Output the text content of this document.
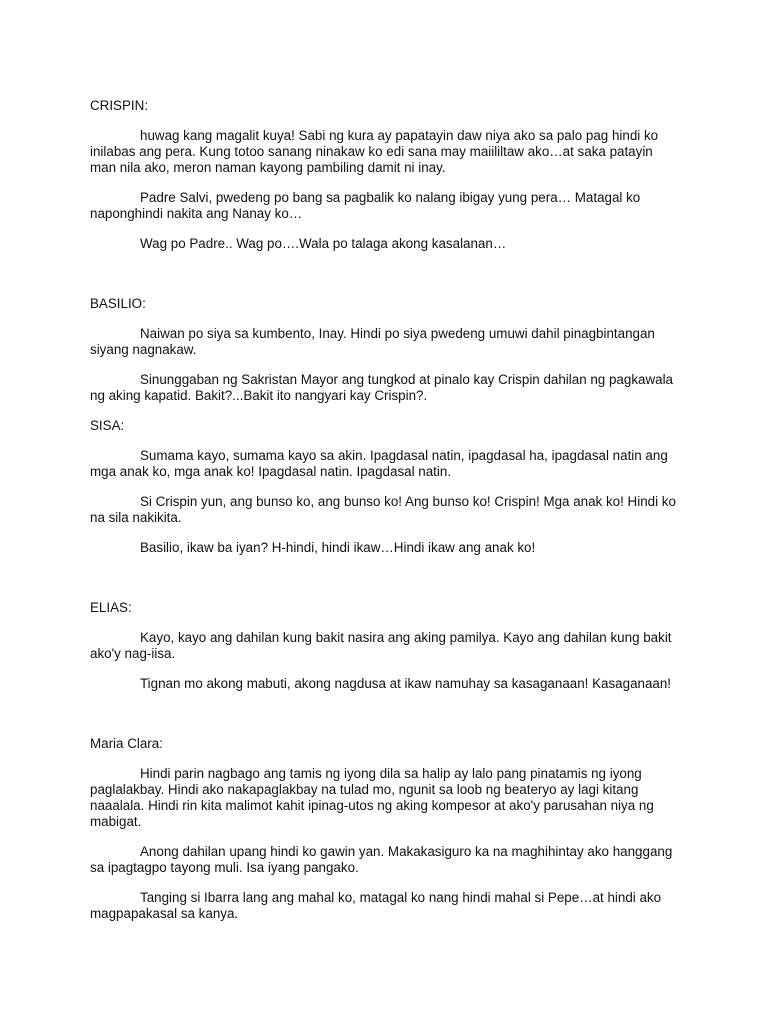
CRISPIN:

huwag kang magalit kuya! Sabi ng kura ay papatayin daw niya ako sa palo pag hindi ko inilabas ang pera. Kung totoo sanang ninakaw ko edi sana may maiililtaw ako…at saka patayin man nila ako, meron naman kayong pambiling damit ni inay.

Padre Salvi, pwedeng po bang sa pagbalik ko nalang ibigay yung pera… Matagal ko naponghindi nakita ang Nanay ko…

Wag po Padre.. Wag po….Wala po talaga akong kasalanan…

BASILIO:

Naiwan po siya sa kumbento, Inay. Hindi po siya pwedeng umuwi dahil pinagbintangan siyang nagnakaw.

Sinunggaban ng Sakristan Mayor ang tungkod at pinalo kay Crispin dahilan ng pagkawala ng aking kapatid. Bakit?...Bakit ito nangyari kay Crispin?.

SISA:

Sumama kayo, sumama kayo sa akin. Ipagdasal natin, ipagdasal ha, ipagdasal natin ang mga anak ko, mga anak ko! Ipagdasal natin. Ipagdasal natin.

Si Crispin yun, ang bunso ko, ang bunso ko! Ang bunso ko! Crispin! Mga anak ko! Hindi ko na sila nakikita.

Basilio, ikaw ba iyan? H-hindi, hindi ikaw…Hindi ikaw ang anak ko!

ELIAS:

Kayo, kayo ang dahilan kung bakit nasira ang aking pamilya. Kayo ang dahilan kung bakit ako'y nag-iisa.

Tignan mo akong mabuti, akong nagdusa at ikaw namuhay sa kasaganaan! Kasaganaan!

Maria Clara:

Hindi parin nagbago ang tamis ng iyong dila sa halip ay lalo pang pinatamis ng iyong paglalakbay. Hindi ako nakapaglakbay na tulad mo, ngunit sa loob ng beateryo ay lagi kitang naaalala. Hindi rin kita malimot kahit ipinag-utos ng aking kompesor at ako'y parusahan niya ng mabigat.

Anong dahilan upang hindi ko gawin yan. Makakasiguro ka na maghihintay ako hanggang sa ipagtagpo tayong muli. Isa iyang pangako.

Tanging si Ibarra lang ang mahal ko, matagal ko nang hindi mahal si Pepe…at hindi ako magpapakasal sa kanya.
